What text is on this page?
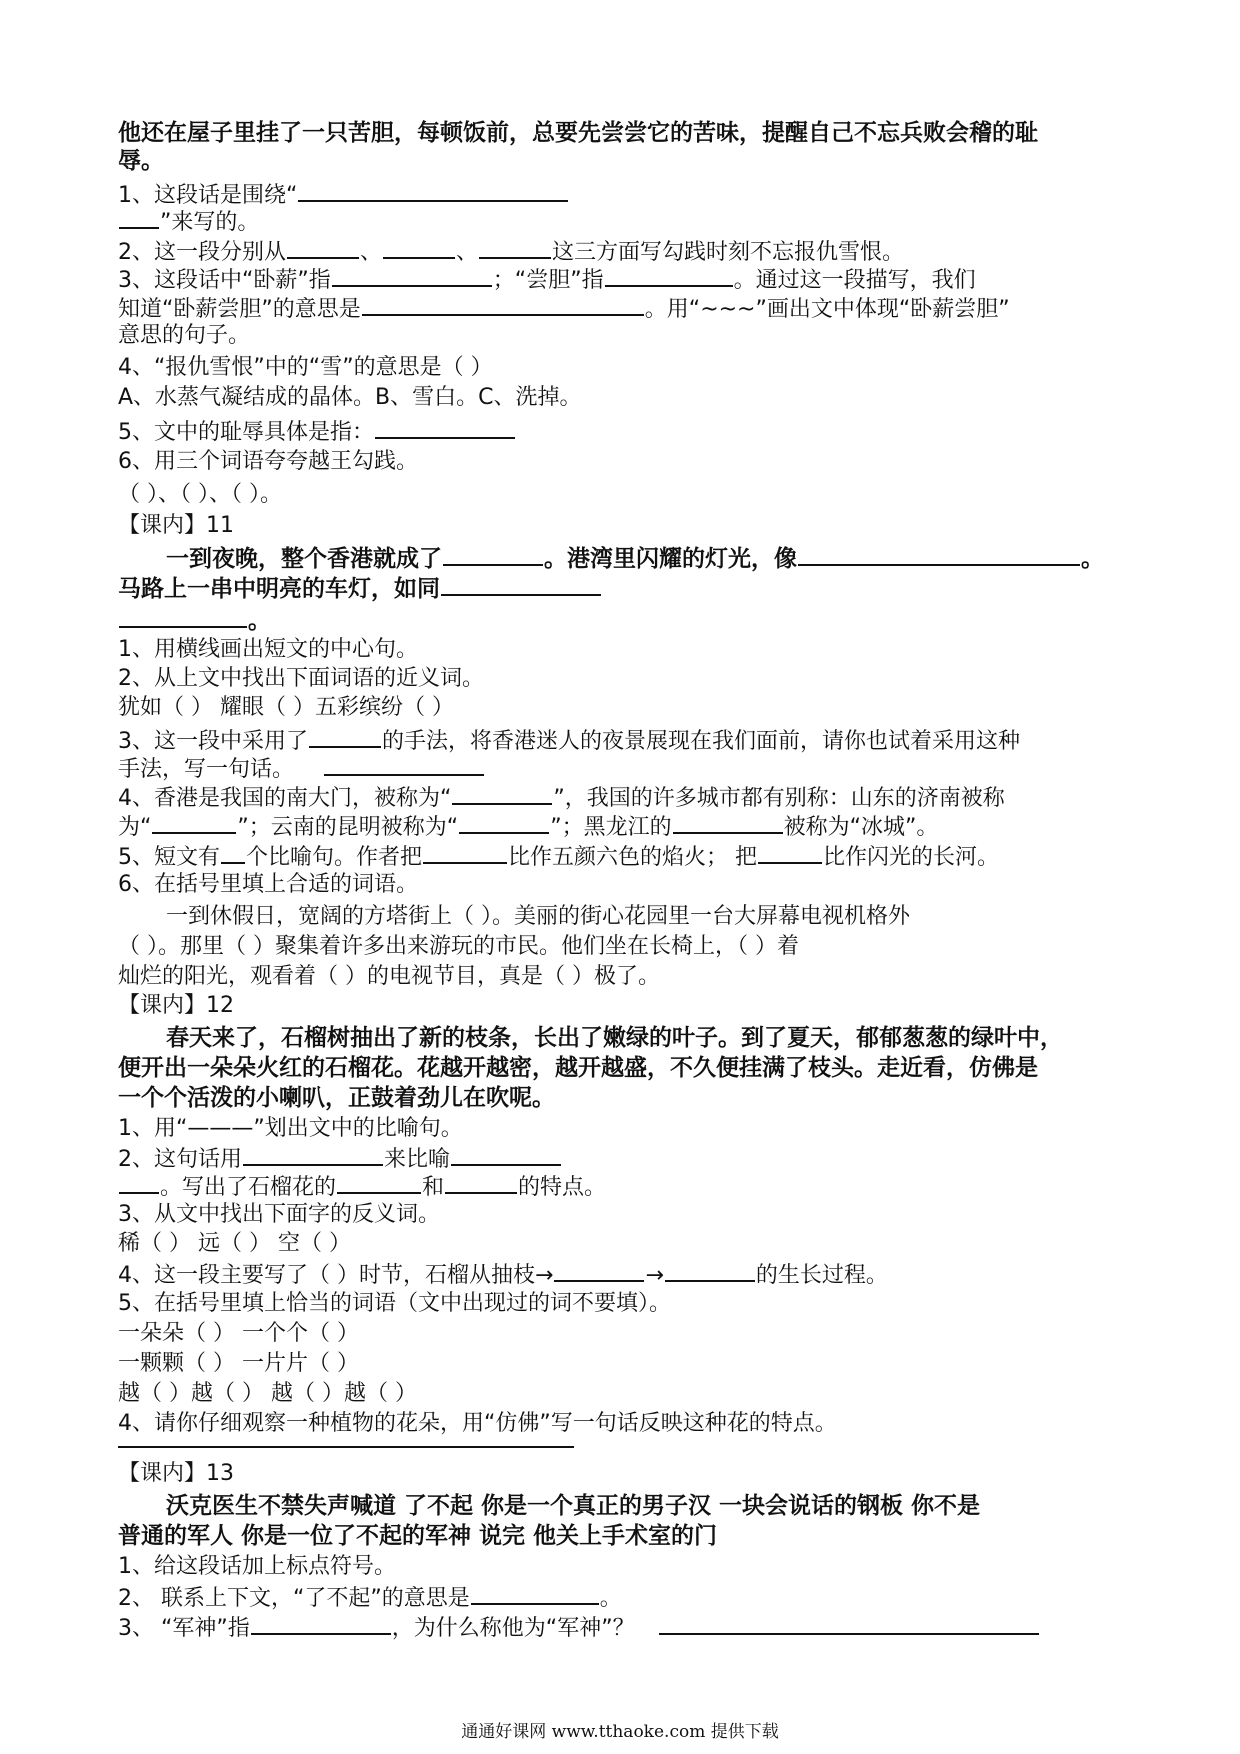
他还在屋子里挂了一只苦胆，每顿饭前，总要先尝尝它的苦味，提醒自己不忘兵败会稽的耻
辱。
1、这段话是围绕“
”来写的。
2、这一段分别从	、	、	这三方面写勾践时刻不忘报仇雪恨。
3、这段话中“卧薪”指	；“尝胆”指	。通过这一段描写，我们
知道“卧薪尝胆”的意思是	。用“~~~”画出文中体现“卧薪尝胆”
意思的句子。
4、“报仇雪恨”中的“雪”的意思是（ ）
A、水蒸气凝结成的晶体。B、雪白。C、洗掉。
5、文中的耻辱具体是指：
6、用三个词语夸夸越王勾践。
（ ）、（ ）、（ ）。
【课内】11
一到夜晚，整个香港就成了	。港湾里闪耀的灯光，像	。
马路上一串中明亮的车灯，如同
。
1、用横线画出短文的中心句。
2、从上文中找出下面词语的近义词。
犹如（ ） 耀眼（ ）五彩缤纷（ ）
3、这一段中采用了	的手法，将香港迷人的夜景展现在我们面前，请你也试着采用这种
手法，写一句话。
4、香港是我国的南大门，被称为“	”，我国的许多城市都有别称：山东的济南被称
为“	”；云南的昆明被称为“	”；黑龙江的	被称为“冰城”。
5、短文有 个比喻句。作者把	比作五颜六色的焰火； 把	比作闪光的长河。
6、在括号里填上合适的词语。
一到休假日，宽阔的方塔街上（ ）。美丽的街心花园里一台大屏幕电视机格外
（ ）。那里（ ）聚集着许多出来游玩的市民。他们坐在长椅上，（ ）着
灿烂的阳光，观看着（ ）的电视节目，真是（ ）极了。
【课内】12
春天来了，石榴树抽出了新的枝条，长出了嫩绿的叶子。到了夏天，郁郁葱葱的绿叶中，
便开出一朵朵火红的石榴花。花越开越密，越开越盛，不久便挂满了枝头。走近看，仿佛是
一个个活泼的小喇叭，正鼓着劲儿在吹呢。
1、用“———”划出文中的比喻句。
2、这句话用	来比喻
。写出了石榴花的	和	的特点。
3、从文中找出下面字的反义词。
稀（ ） 远（ ） 空（ ）
4、这一段主要写了（ ）时节，石榴从抽枝→	→	的生长过程。
5、在括号里填上恰当的词语（文中出现过的词不要填）。
一朵朵（ ） 一个个（ ）
一颗颗（ ） 一片片（ ）
越（ ）越（ ） 越（ ）越（ ）
4、请你仔细观察一种植物的花朵，用“仿佛”写一句话反映这种花的特点。
【课内】13
沃克医生不禁失声喊道 了不起 你是一个真正的男子汉 一块会说话的钢板 你不是
普通的军人 你是一位了不起的军神 说完 他关上手术室的门
1、给这段话加上标点符号。
2、 联系上下文，“了不起”的意思是	。
3、 “军神”指	，为什么称他为“军神”？
通通好课网 www.tthaoke.com 提供下载
